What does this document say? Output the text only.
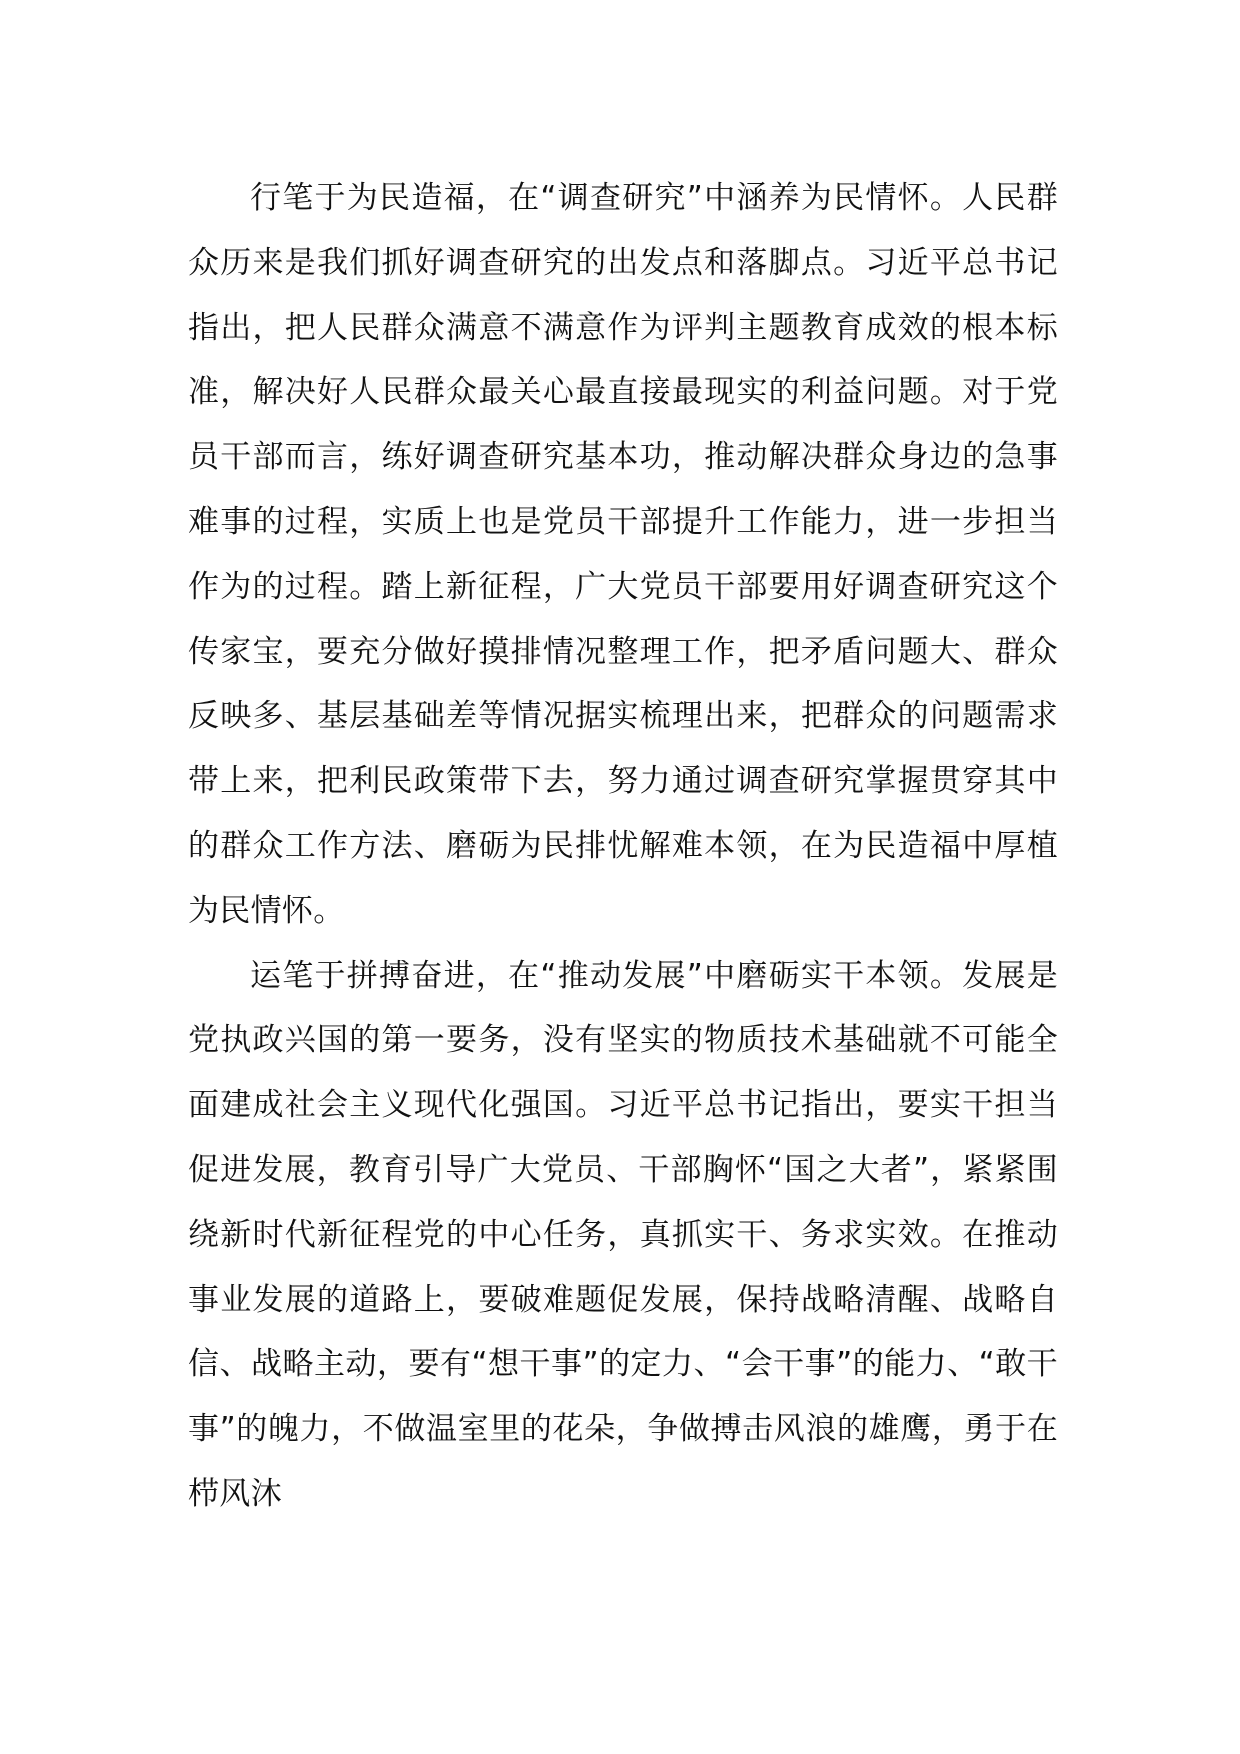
行笔于为民造福，在“调查研究”中涵养为民情怀。人民群众历来是我们抓好调查研究的出发点和落脚点。习近平总书记指出，把人民群众满意不满意作为评判主题教育成效的根本标准，解决好人民群众最关心最直接最现实的利益问题。对于党员干部而言，练好调查研究基本功，推动解决群众身边的急事难事的过程，实质上也是党员干部提升工作能力，进一步担当作为的过程。踏上新征程，广大党员干部要用好调查研究这个传家宝，要充分做好摸排情况整理工作，把矛盾问题大、群众反映多、基层基础差等情况据实梳理出来，把群众的问题需求带上来，把利民政策带下去，努力通过调查研究掌握贯穿其中的群众工作方法、磨砺为民排忧解难本领，在为民造福中厚植为民情怀。

运笔于拼搏奋进，在“推动发展”中磨砺实干本领。发展是党执政兴国的第一要务，没有坚实的物质技术基础就不可能全面建成社会主义现代化强国。习近平总书记指出，要实干担当促进发展，教育引导广大党员、干部胸怀“国之大者”，紧紧围绕新时代新征程党的中心任务，真抓实干、务求实效。在推动事业发展的道路上，要破难题促发展，保持战略清醒、战略自信、战略主动，要有“想干事”的定力、“会干事”的能力、“敢干事”的魄力，不做温室里的花朵，争做搏击风浪的雄鹰，勇于在栉风沐
